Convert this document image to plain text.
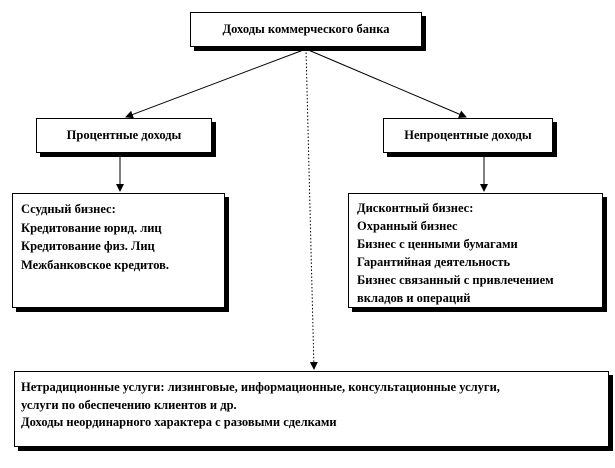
Доходы коммерческого банка
Процентные доходы	Непроцентные доходы
Ссудный бизнес:
Кредитование юрид. лиц
Кредитование физ. Лиц
Межбанковское кредитов.
Дисконтный бизнес:
Охранный бизнес
Бизнес с ценными бумагами
Гарантийная деятельность
Бизнес связанный с привлечением
вкладов и операций
Нетрадиционные услуги: лизинговые, информационные, консультационные услуги,
услуги по обеспечению клиентов и др.
Доходы неординарного характера с разовыми сделками
